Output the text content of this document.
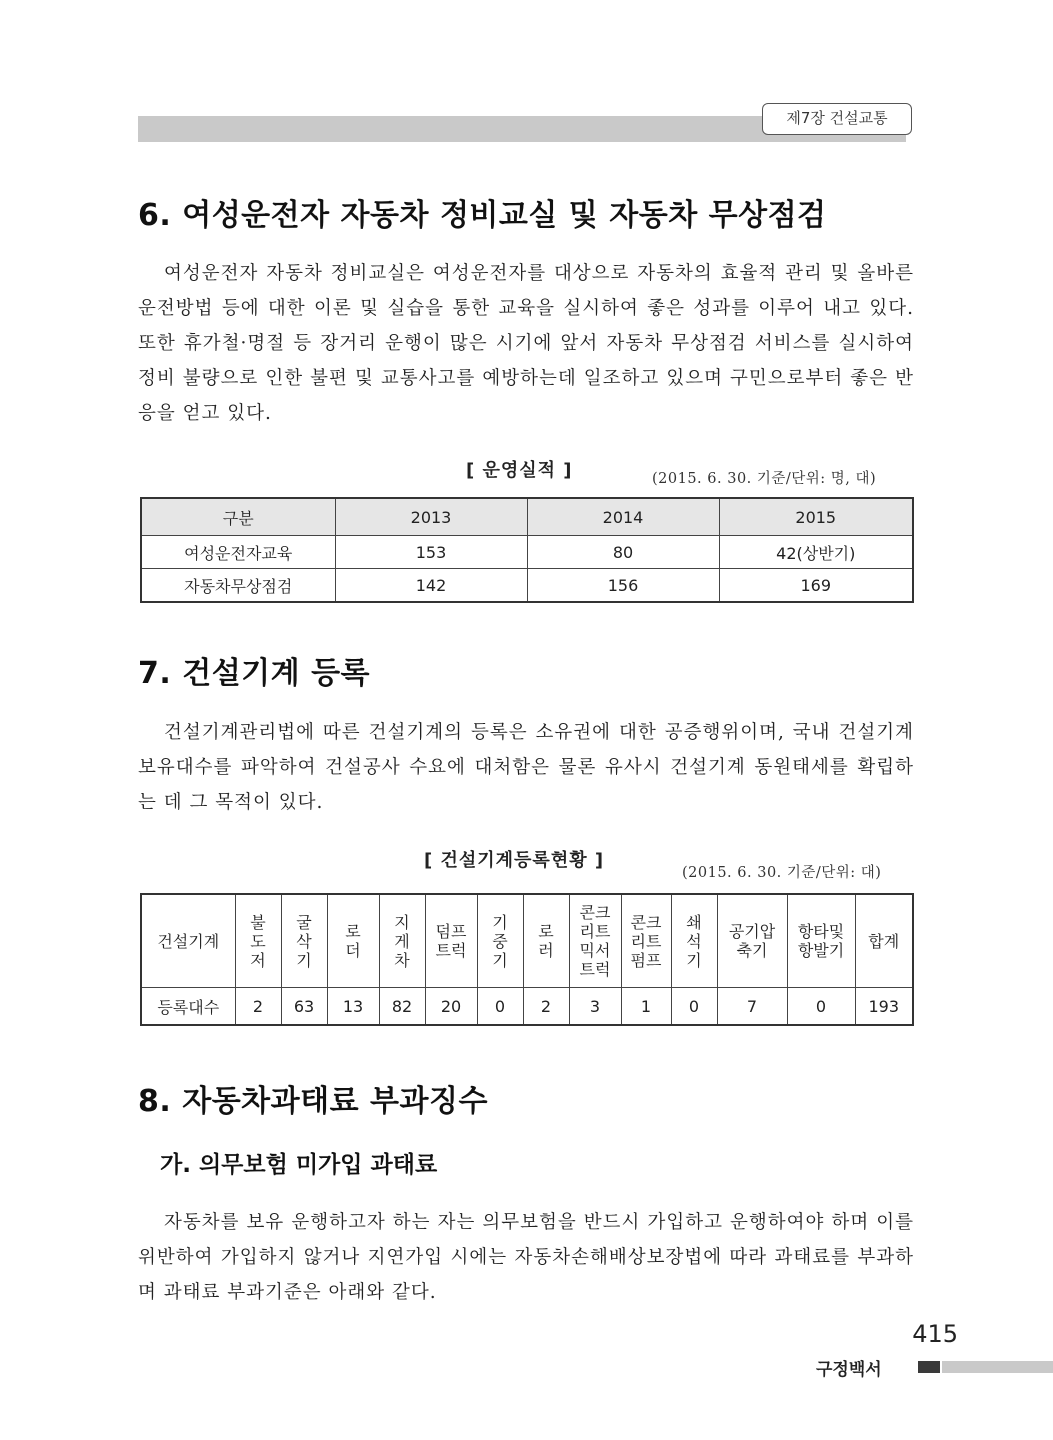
제7장 건설교통
6. 여성운전자 자동차 정비교실 및 자동차 무상점검

여성운전자 자동차 정비교실은 여성운전자를 대상으로 자동차의 효율적 관리 및 올바른 운전방법 등에 대한 이론 및 실습을 통한 교육을 실시하여 좋은 성과를 이루어 내고 있다. 또한 휴가철·명절 등 장거리 운행이 많은 시기에 앞서 자동차 무상점검 서비스를 실시하여 정비 불량으로 인한 불편 및 교통사고를 예방하는데 일조하고 있으며 구민으로부터 좋은 반응을 얻고 있다.

[ 운영실적 ]	(2015. 6. 30. 기준/단위: 명, 대)
구분	2013	2014	2015
여성운전자교육	153	80	42(상반기)
자동차무상점검	142	156	169
7. 건설기계 등록

건설기계관리법에 따른 건설기계의 등록은 소유권에 대한 공증행위이며, 국내 건설기계 보유대수를 파악하여 건설공사 수요에 대처함은 물론 유사시 건설기계 동원태세를 확립하는 데 그 목적이 있다.

[ 건설기계등록현황 ]
(2015. 6. 30. 기준/단위: 대)
건설기계	불도저	굴삭기	로더	지게차	덤프트럭	기중기	로러	콘크리트믹서트럭	콘크리트펌프	쇄석기	공기압축기	항타및항발기	합계
등록대수	2	63	13	82	20	0	2	3	1	0	7	0	193
8. 자동차과태료 부과징수
가. 의무보험 미가입 과태료

자동차를 보유 운행하고자 하는 자는 의무보험을 반드시 가입하고 운행하여야 하며 이를 위반하여 가입하지 않거나 지연가입 시에는 자동차손해배상보장법에 따라 과태료를 부과하며 과태료 부과기준은 아래와 같다.

415
구정백서
